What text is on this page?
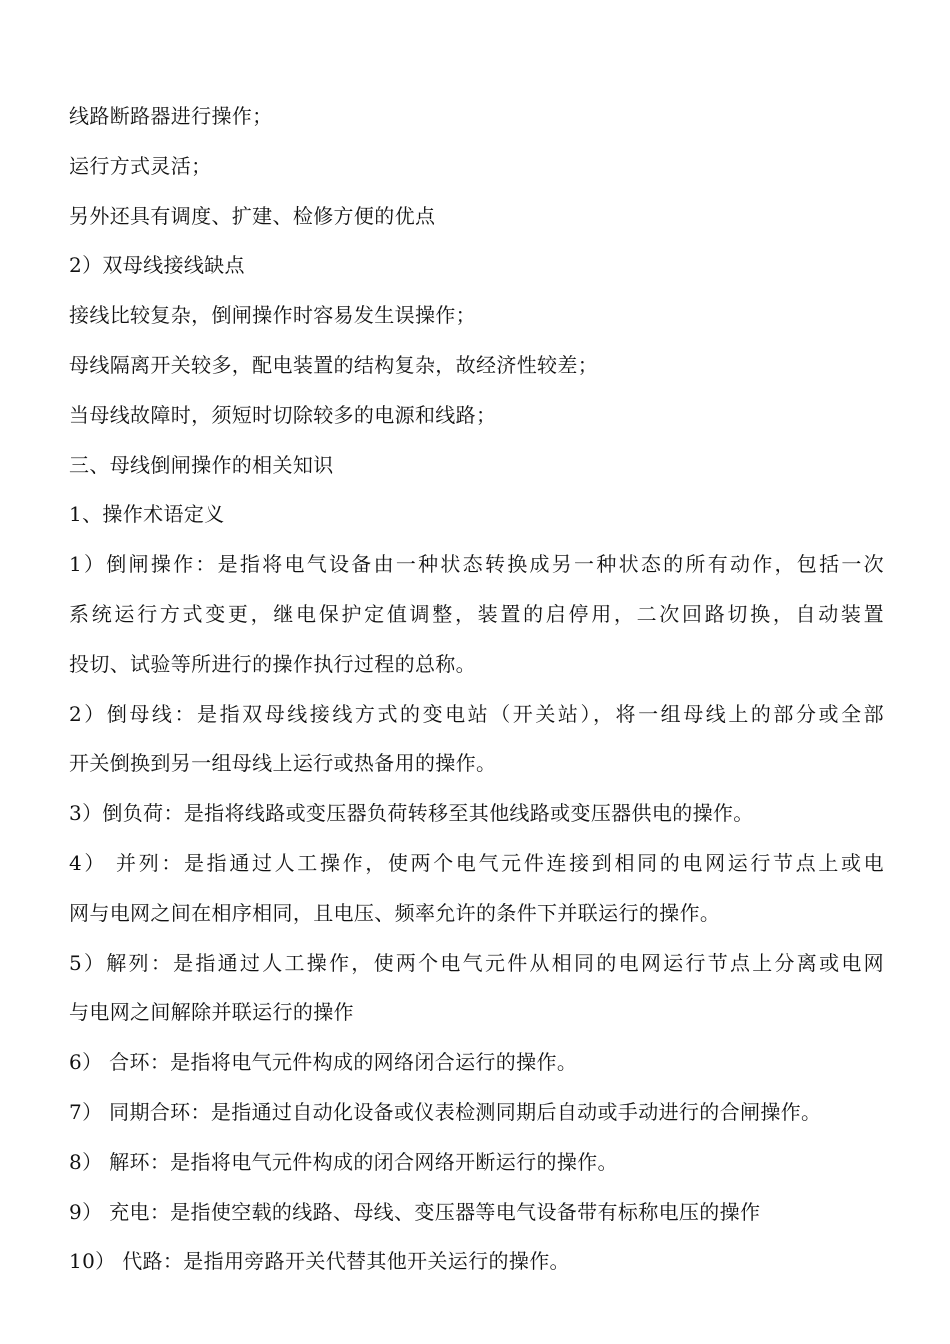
线路断路器进行操作；
运行方式灵活；
另外还具有调度、扩建、检修方便的优点
2）双母线接线缺点
接线比较复杂，倒闸操作时容易发生误操作；
母线隔离开关较多，配电装置的结构复杂，故经济性较差；
当母线故障时，须短时切除较多的电源和线路；
三、母线倒闸操作的相关知识
1、操作术语定义
1）倒闸操作：是指将电气设备由一种状态转换成另一种状态的所有动作，包括一次
系统运行方式变更，继电保护定值调整，装置的启停用，二次回路切换，自动装置
投切、试验等所进行的操作执行过程的总称。
2）倒母线：是指双母线接线方式的变电站（开关站），将一组母线上的部分或全部
开关倒换到另一组母线上运行或热备用的操作。
3）倒负荷：是指将线路或变压器负荷转移至其他线路或变压器供电的操作。
4） 并列：是指通过人工操作，使两个电气元件连接到相同的电网运行节点上或电
网与电网之间在相序相同，且电压、频率允许的条件下并联运行的操作。
5）解列：是指通过人工操作，使两个电气元件从相同的电网运行节点上分离或电网
与电网之间解除并联运行的操作
6） 合环：是指将电气元件构成的网络闭合运行的操作。
7） 同期合环：是指通过自动化设备或仪表检测同期后自动或手动进行的合闸操作。
8） 解环：是指将电气元件构成的闭合网络开断运行的操作。
9） 充电：是指使空载的线路、母线、变压器等电气设备带有标称电压的操作
10） 代路：是指用旁路开关代替其他开关运行的操作。
